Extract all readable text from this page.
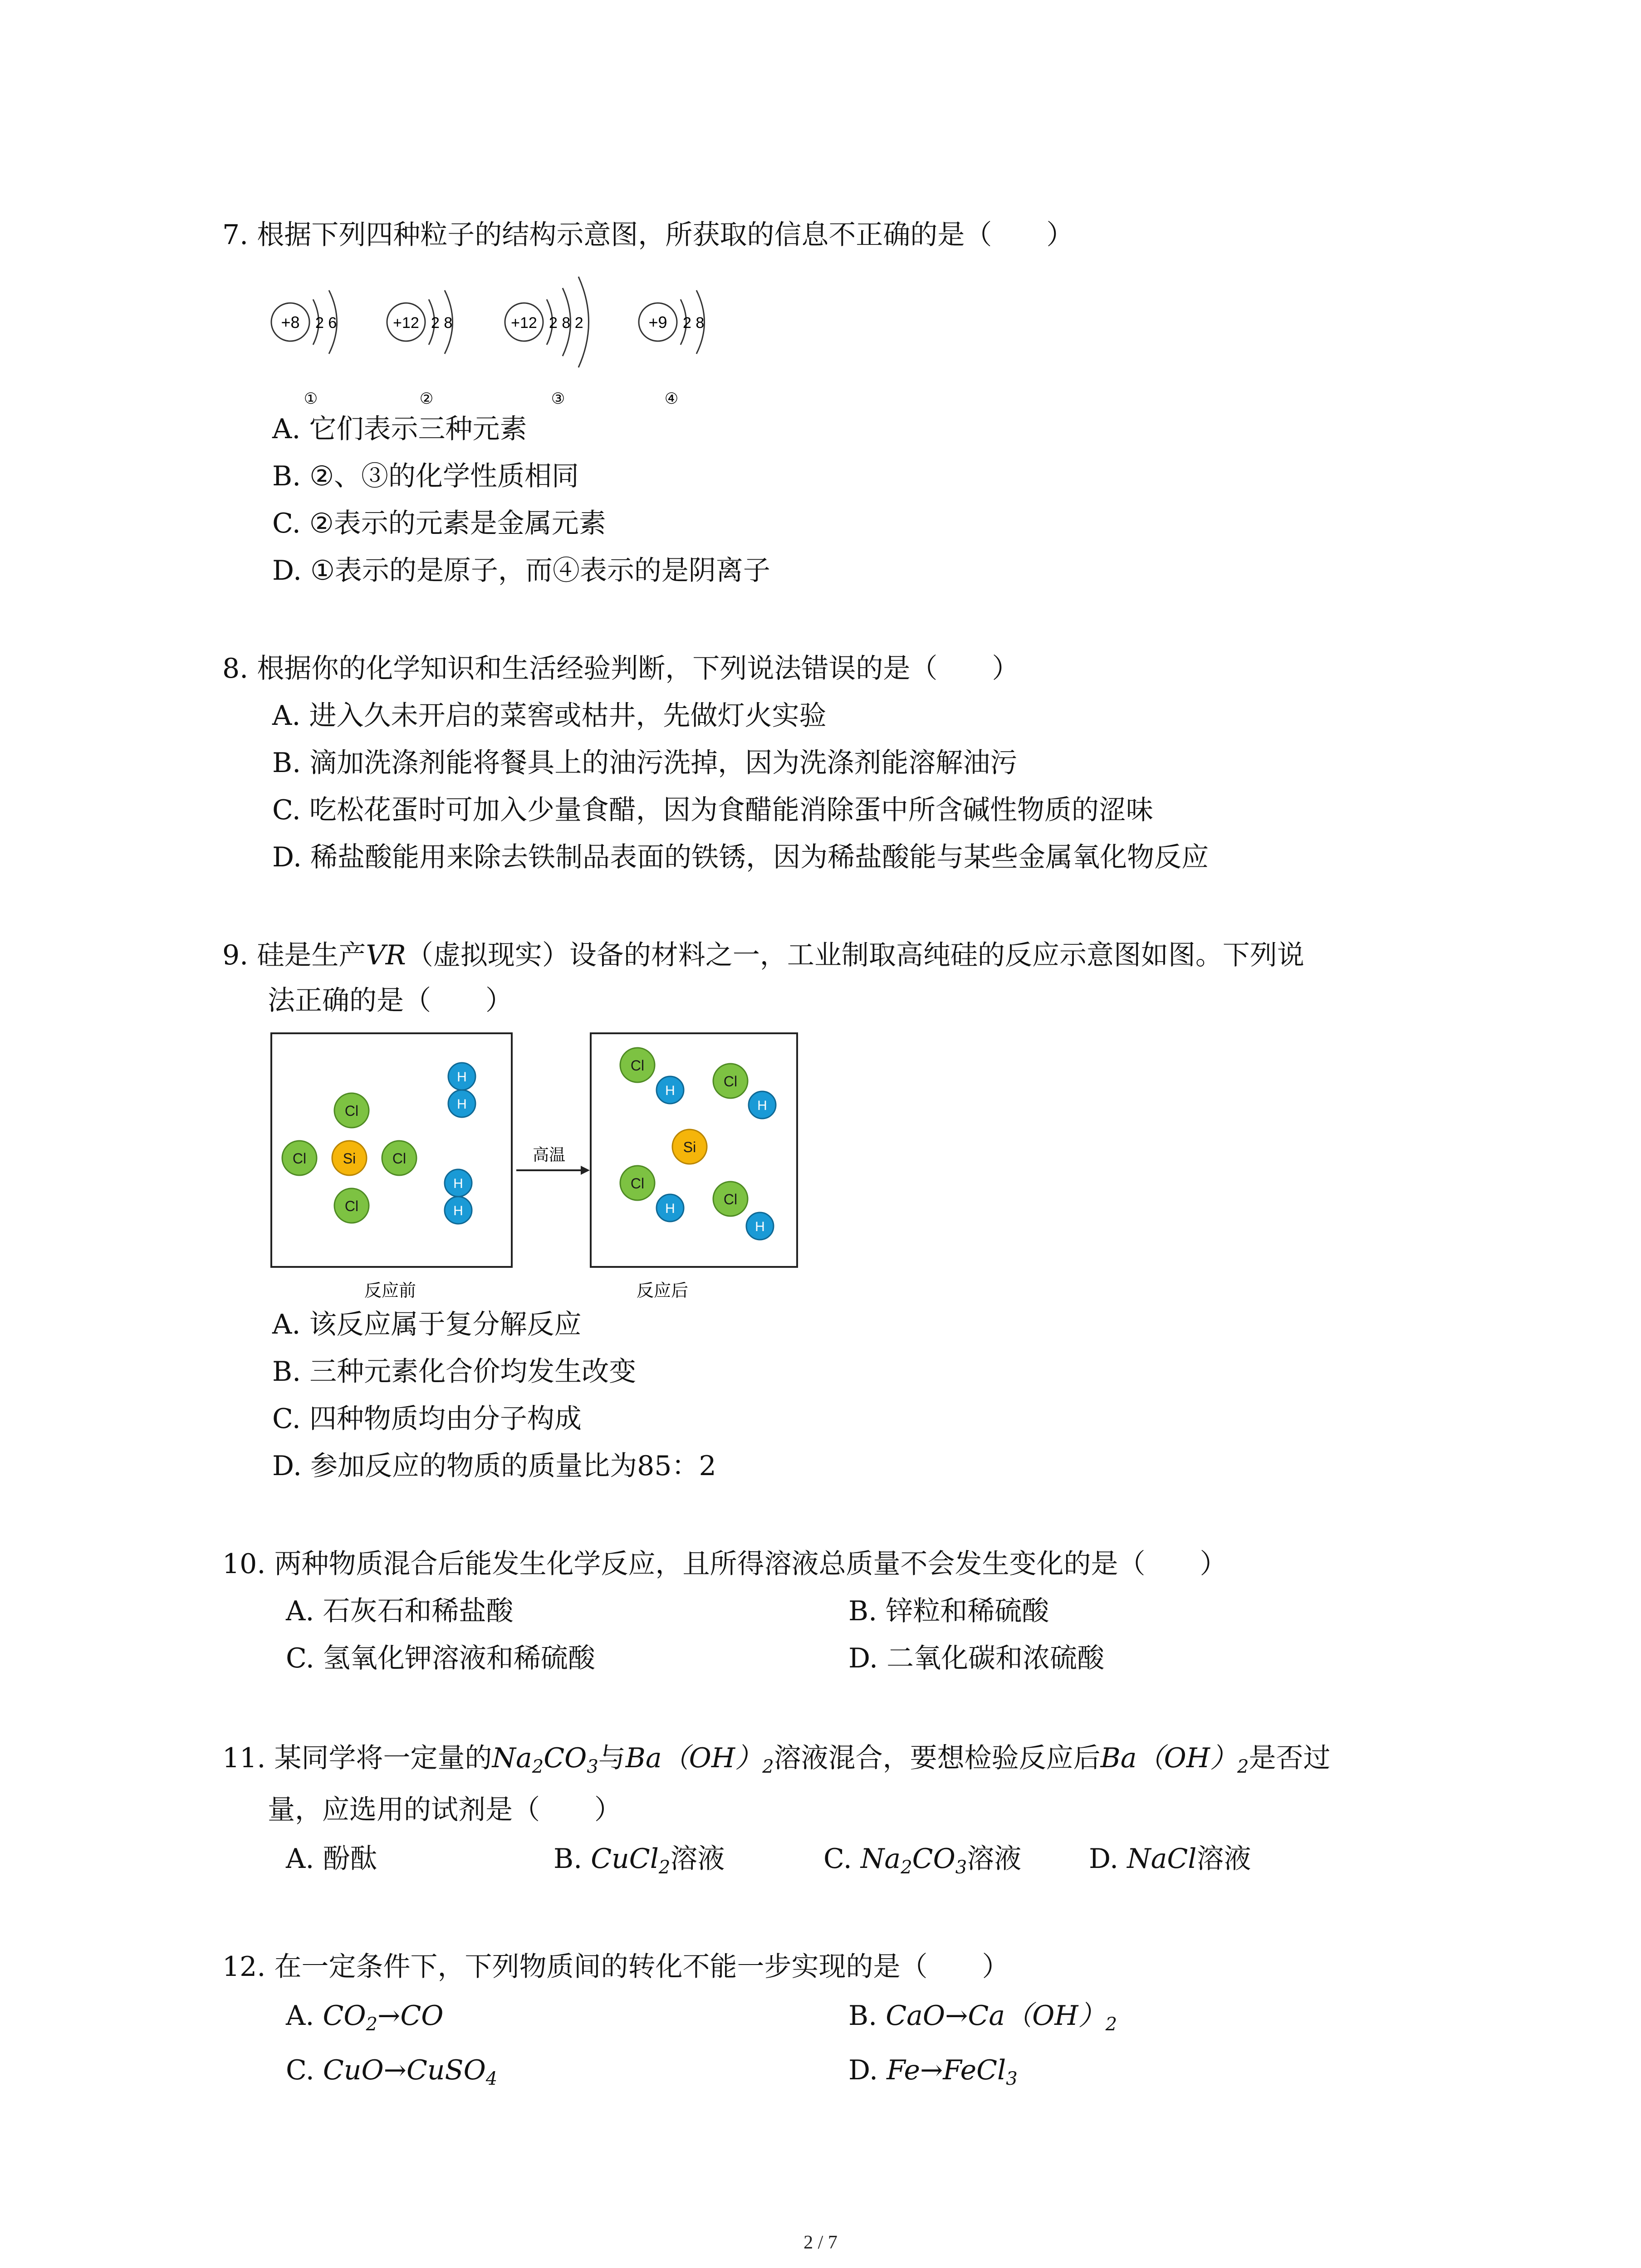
7. 根据下列四种粒子的结构示意图，所获取的信息不正确的是（　　）
+8 2 6
①
+12 2 8
②
+12 2 8 2
③
+9 2 8
④
A. 它们表示三种元素
B. ②、③的化学性质相同
C. ②表示的元素是金属元素
D. ①表示的是原子，而④表示的是阴离子
8. 根据你的化学知识和生活经验判断，下列说法错误的是（　　）
A. 进入久未开启的菜窖或枯井，先做灯火实验
B. 滴加洗涤剂能将餐具上的油污洗掉，因为洗涤剂能溶解油污
C. 吃松花蛋时可加入少量食醋，因为食醋能消除蛋中所含碱性物质的涩味
D. 稀盐酸能用来除去铁制品表面的铁锈，因为稀盐酸能与某些金属氧化物反应
9. 硅是生产VR（虚拟现实）设备的材料之一，工业制取高纯硅的反应示意图如图。下列说
法正确的是（　　）
Cl
Cl	Cl
Cl
Si
H
H
H
H
高温
Cl
H
Cl
H
Si
Cl
H
Cl
H
反应前	反应后
A. 该反应属于复分解反应
B. 三种元素化合价均发生改变
C. 四种物质均由分子构成
D. 参加反应的物质的质量比为85：2
10. 两种物质混合后能发生化学反应，且所得溶液总质量不会发生变化的是（　　）
A. 石灰石和稀盐酸	B. 锌粒和稀硫酸
C. 氢氧化钾溶液和稀硫酸	D. 二氧化碳和浓硫酸
11. 某同学将一定量的$Na_2CO_3$与$Ba(OH)_2$溶液混合，要想检验反应后$Ba(OH)_2$是否过
量，应选用的试剂是（　　）
A. 酚酞	B. CuCl$_2$溶液	C. $Na_2CO_3$溶液 D. NaCl溶液
12. 在一定条件下，下列物质间的转化不能一步实现的是（　　）
A. $CO_2\to CO$	B. $CaO\to Ca(OH)_2$
C. CuO→CuSO$_4$	D. Fe→FeCl$_3$
2 / 7
